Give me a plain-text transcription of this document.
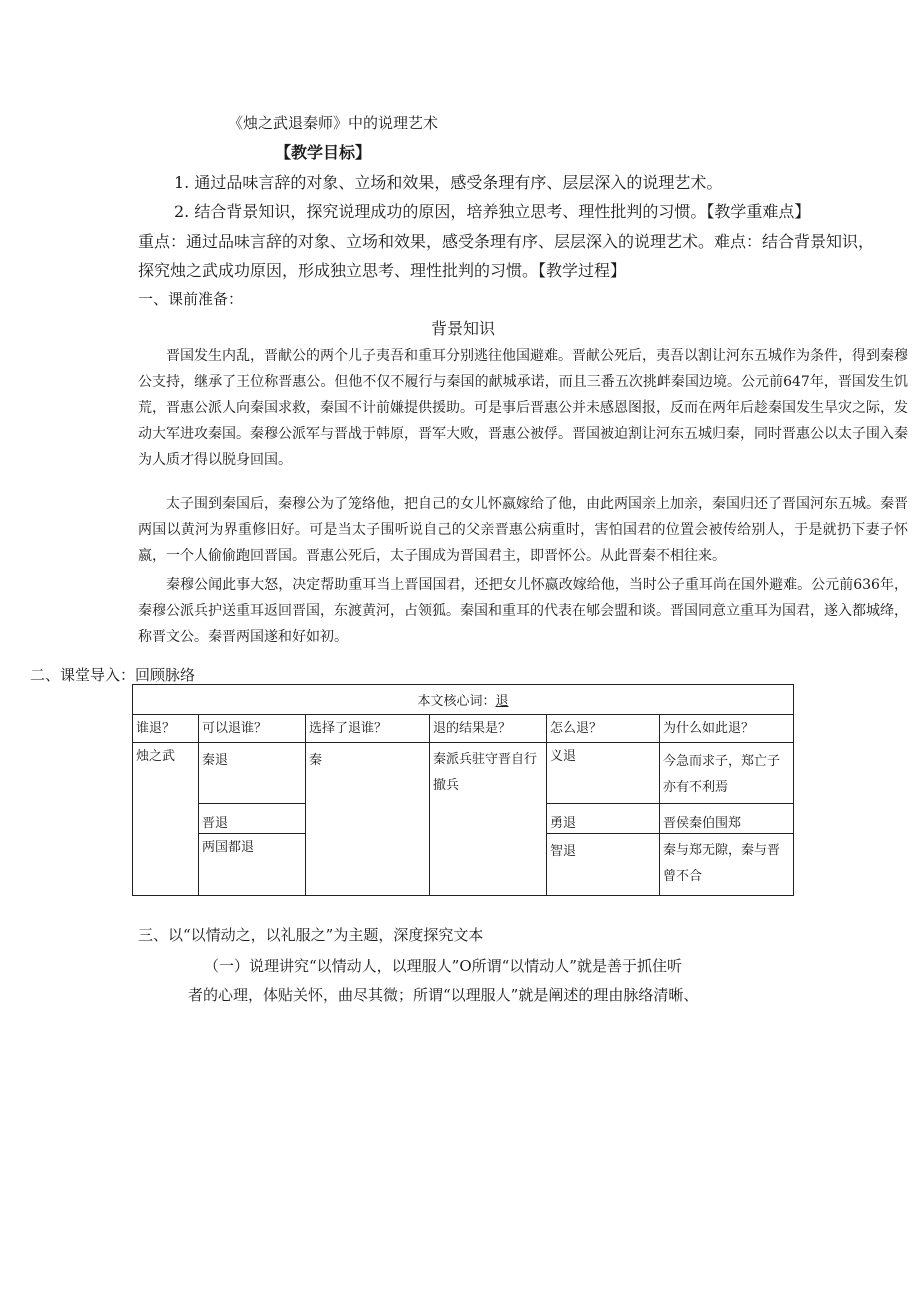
《烛之武退秦师》中的说理艺术
【教学目标】
1. 通过品味言辞的对象、立场和效果，感受条理有序、层层深入的说理艺术。
2. 结合背景知识，探究说理成功的原因，培养独立思考、理性批判的习惯。【教学重难点】
重点：通过品味言辞的对象、立场和效果，感受条理有序、层层深入的说理艺术。难点：结合背景知识，
探究烛之武成功原因，形成独立思考、理性批判的习惯。【教学过程】
一、课前准备：
背景知识
晋国发生内乱，晋献公的两个儿子夷吾和重耳分别逃往他国避难。晋献公死后，夷吾以割让河东五城作为条件，得到秦穆公支持，继承了王位称晋惠公。但他不仅不履行与秦国的献城承诺，而且三番五次挑衅秦国边境。公元前647年，晋国发生饥荒，晋惠公派人向秦国求救，秦国不计前嫌提供援助。可是事后晋惠公并未感恩图报，反而在两年后趁秦国发生旱灾之际，发动大军进攻秦国。秦穆公派军与晋战于韩原，晋军大败，晋惠公被俘。晋国被迫割让河东五城归秦，同时晋惠公以太子围入秦为人质才得以脱身回国。
太子围到秦国后，秦穆公为了笼络他，把自己的女儿怀嬴嫁给了他，由此两国亲上加亲，秦国归还了晋国河东五城。秦晋两国以黄河为界重修旧好。可是当太子围听说自己的父亲晋惠公病重时，害怕国君的位置会被传给别人，于是就扔下妻子怀嬴，一个人偷偷跑回晋国。晋惠公死后，太子围成为晋国君主，即晋怀公。从此晋秦不相往来。
秦穆公闻此事大怒，决定帮助重耳当上晋国国君，还把女儿怀嬴改嫁给他，当时公子重耳尚在国外避难。公元前636年，秦穆公派兵护送重耳返回晋国，东渡黄河，占领狐。秦国和重耳的代表在郇会盟和谈。晋国同意立重耳为国君，遂入都城绛，称晋文公。秦晋两国遂和好如初。
二、课堂导入：回顾脉络
本文核心词：退					
谁退？	可以退谁？	选择了退谁？	退的结果是？	怎么退？	为什么如此退？
烛之武	秦退	秦	秦派兵驻守晋自行撤兵	义退	今急而求子，郑亡子亦有不利焉
	晋退			勇退	晋侯秦伯围郑
	两国都退			智退	秦与郑无隙，秦与晋曾不合
三、以“以情动之，以礼服之”为主题，深度探究文本
（一）说理讲究“以情动人，以理服人”O所谓“以情动人”就是善于抓住听
者的心理，体贴关怀，曲尽其微；所谓“以理服人”就是阐述的理由脉络清晰、
